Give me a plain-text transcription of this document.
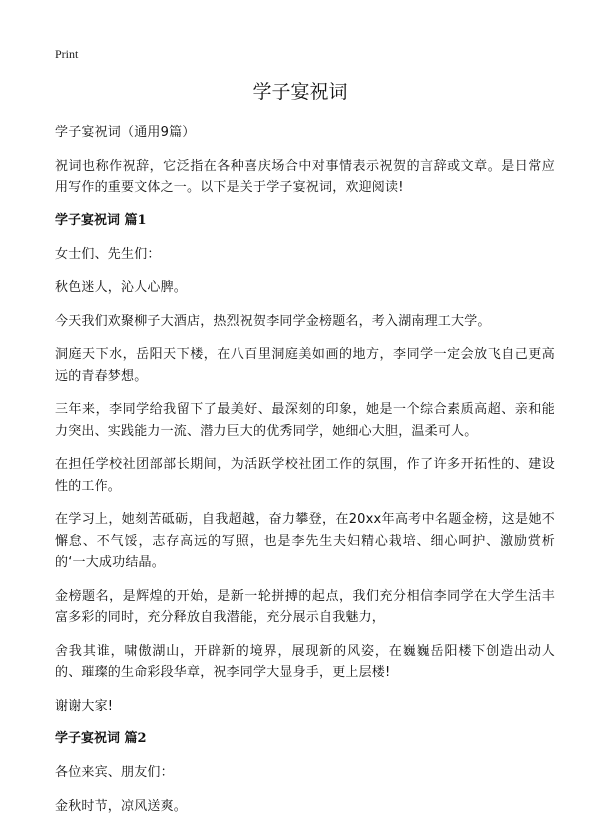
Print
学子宴祝词

学子宴祝词（通用9篇）

祝词也称作祝辞，它泛指在各种喜庆场合中对事情表示祝贺的言辞或文章。是日常应用写作的重要文体之一。以下是关于学子宴祝词，欢迎阅读!

学子宴祝词 篇1

女士们、先生们：

秋色迷人，沁人心脾。

今天我们欢聚柳子大酒店，热烈祝贺李同学金榜题名，考入湖南理工大学。

洞庭天下水，岳阳天下楼，在八百里洞庭美如画的地方，李同学一定会放飞自己更高远的青春梦想。

三年来，李同学给我留下了最美好、最深刻的印象，她是一个综合素质高超、亲和能力突出、实践能力一流、潜力巨大的优秀同学，她细心大胆，温柔可人。

在担任学校社团部部长期间，为活跃学校社团工作的氛围，作了许多开拓性的、建设性的工作。

在学习上，她刻苦砥砺，自我超越，奋力攀登，在20xx年高考中名题金榜，这是她不懈怠、不气馁，志存高远的写照，也是李先生夫妇精心栽培、细心呵护、激励赏析的‘一大成功结晶。

金榜题名，是辉煌的开始，是新一轮拼搏的起点，我们充分相信李同学在大学生活丰富多彩的同时，充分释放自我潜能，充分展示自我魅力，

舍我其谁，啸傲湖山，开辟新的境界，展现新的风姿，在巍巍岳阳楼下创造出动人的、璀璨的生命彩段华章，祝李同学大显身手，更上层楼!

谢谢大家!

学子宴祝词 篇2

各位来宾、朋友们：

金秋时节，凉风送爽。
